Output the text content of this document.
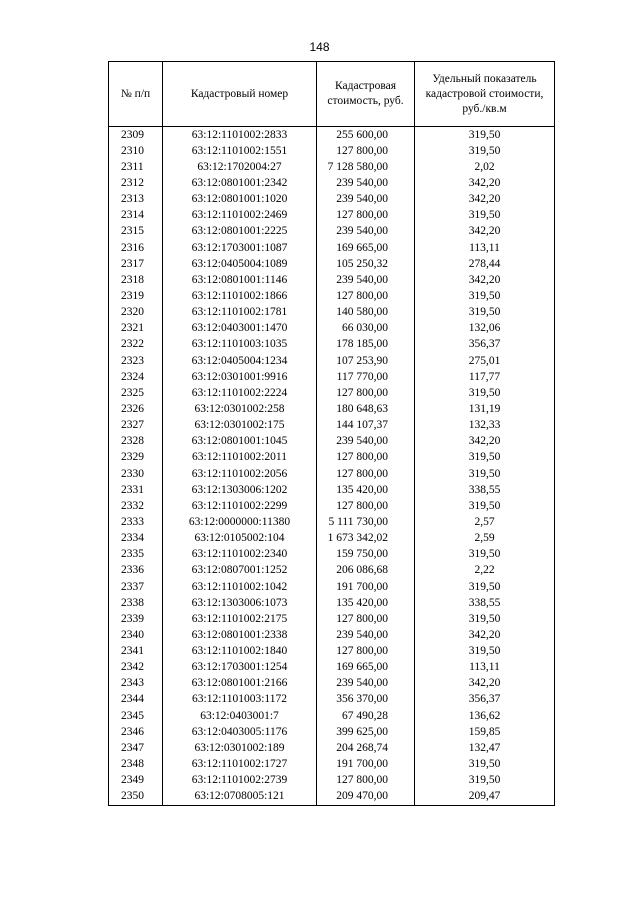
148
№ п/п	Кадастровый номер	Кадастровая стоимость, руб.	Удельный показатель кадастровой стоимости, руб./кв.м
2309	63:12:1101002:2833	255 600,00	319,50
2310	63:12:1101002:1551	127 800,00	319,50
2311	63:12:1702004:27	7 128 580,00	2,02
2312	63:12:0801001:2342	239 540,00	342,20
2313	63:12:0801001:1020	239 540,00	342,20
2314	63:12:1101002:2469	127 800,00	319,50
2315	63:12:0801001:2225	239 540,00	342,20
2316	63:12:1703001:1087	169 665,00	113,11
2317	63:12:0405004:1089	105 250,32	278,44
2318	63:12:0801001:1146	239 540,00	342,20
2319	63:12:1101002:1866	127 800,00	319,50
2320	63:12:1101002:1781	140 580,00	319,50
2321	63:12:0403001:1470	66 030,00	132,06
2322	63:12:1101003:1035	178 185,00	356,37
2323	63:12:0405004:1234	107 253,90	275,01
2324	63:12:0301001:9916	117 770,00	117,77
2325	63:12:1101002:2224	127 800,00	319,50
2326	63:12:0301002:258	180 648,63	131,19
2327	63:12:0301002:175	144 107,37	132,33
2328	63:12:0801001:1045	239 540,00	342,20
2329	63:12:1101002:2011	127 800,00	319,50
2330	63:12:1101002:2056	127 800,00	319,50
2331	63:12:1303006:1202	135 420,00	338,55
2332	63:12:1101002:2299	127 800,00	319,50
2333	63:12:0000000:11380	5 111 730,00	2,57
2334	63:12:0105002:104	1 673 342,02	2,59
2335	63:12:1101002:2340	159 750,00	319,50
2336	63:12:0807001:1252	206 086,68	2,22
2337	63:12:1101002:1042	191 700,00	319,50
2338	63:12:1303006:1073	135 420,00	338,55
2339	63:12:1101002:2175	127 800,00	319,50
2340	63:12:0801001:2338	239 540,00	342,20
2341	63:12:1101002:1840	127 800,00	319,50
2342	63:12:1703001:1254	169 665,00	113,11
2343	63:12:0801001:2166	239 540,00	342,20
2344	63:12:1101003:1172	356 370,00	356,37
2345	63:12:0403001:7	67 490,28	136,62
2346	63:12:0403005:1176	399 625,00	159,85
2347	63:12:0301002:189	204 268,74	132,47
2348	63:12:1101002:1727	191 700,00	319,50
2349	63:12:1101002:2739	127 800,00	319,50
2350	63:12:0708005:121	209 470,00	209,47
